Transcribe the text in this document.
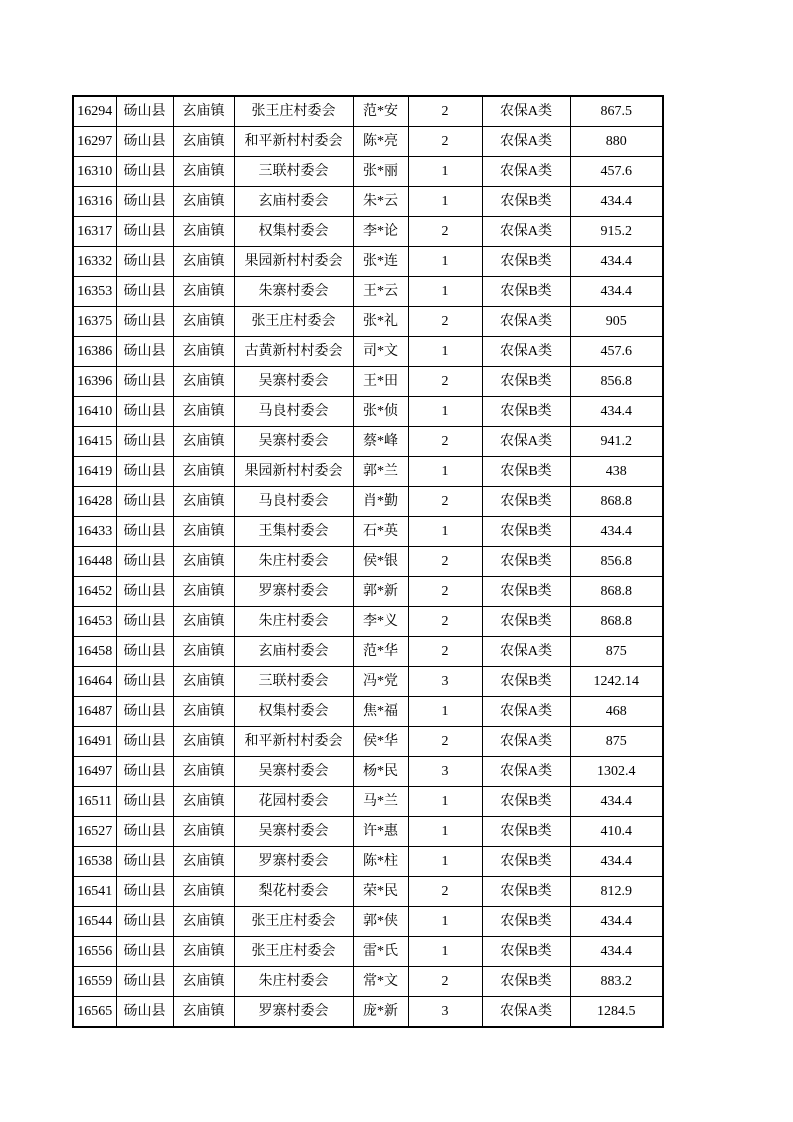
16294	砀山县	玄庙镇	张王庄村委会	范*安	2	农保A类	867.5
16297	砀山县	玄庙镇	和平新村村委会	陈*亮	2	农保A类	880
16310	砀山县	玄庙镇	三联村委会	张*丽	1	农保A类	457.6
16316	砀山县	玄庙镇	玄庙村委会	朱*云	1	农保B类	434.4
16317	砀山县	玄庙镇	权集村委会	李*论	2	农保A类	915.2
16332	砀山县	玄庙镇	果园新村村委会	张*连	1	农保B类	434.4
16353	砀山县	玄庙镇	朱寨村委会	王*云	1	农保B类	434.4
16375	砀山县	玄庙镇	张王庄村委会	张*礼	2	农保A类	905
16386	砀山县	玄庙镇	古黄新村村委会	司*文	1	农保A类	457.6
16396	砀山县	玄庙镇	吴寨村委会	王*田	2	农保B类	856.8
16410	砀山县	玄庙镇	马良村委会	张*侦	1	农保B类	434.4
16415	砀山县	玄庙镇	吴寨村委会	蔡*峰	2	农保A类	941.2
16419	砀山县	玄庙镇	果园新村村委会	郭*兰	1	农保B类	438
16428	砀山县	玄庙镇	马良村委会	肖*勤	2	农保B类	868.8
16433	砀山县	玄庙镇	王集村委会	石*英	1	农保B类	434.4
16448	砀山县	玄庙镇	朱庄村委会	侯*银	2	农保B类	856.8
16452	砀山县	玄庙镇	罗寨村委会	郭*新	2	农保B类	868.8
16453	砀山县	玄庙镇	朱庄村委会	李*义	2	农保B类	868.8
16458	砀山县	玄庙镇	玄庙村委会	范*华	2	农保A类	875
16464	砀山县	玄庙镇	三联村委会	冯*党	3	农保B类	1242.14
16487	砀山县	玄庙镇	权集村委会	焦*福	1	农保A类	468
16491	砀山县	玄庙镇	和平新村村委会	侯*华	2	农保A类	875
16497	砀山县	玄庙镇	吴寨村委会	杨*民	3	农保A类	1302.4
16511	砀山县	玄庙镇	花园村委会	马*兰	1	农保B类	434.4
16527	砀山县	玄庙镇	吴寨村委会	许*惠	1	农保B类	410.4
16538	砀山县	玄庙镇	罗寨村委会	陈*柱	1	农保B类	434.4
16541	砀山县	玄庙镇	梨花村委会	荣*民	2	农保B类	812.9
16544	砀山县	玄庙镇	张王庄村委会	郭*侠	1	农保B类	434.4
16556	砀山县	玄庙镇	张王庄村委会	雷*氏	1	农保B类	434.4
16559	砀山县	玄庙镇	朱庄村委会	常*文	2	农保B类	883.2
16565	砀山县	玄庙镇	罗寨村委会	庞*新	3	农保A类	1284.5
